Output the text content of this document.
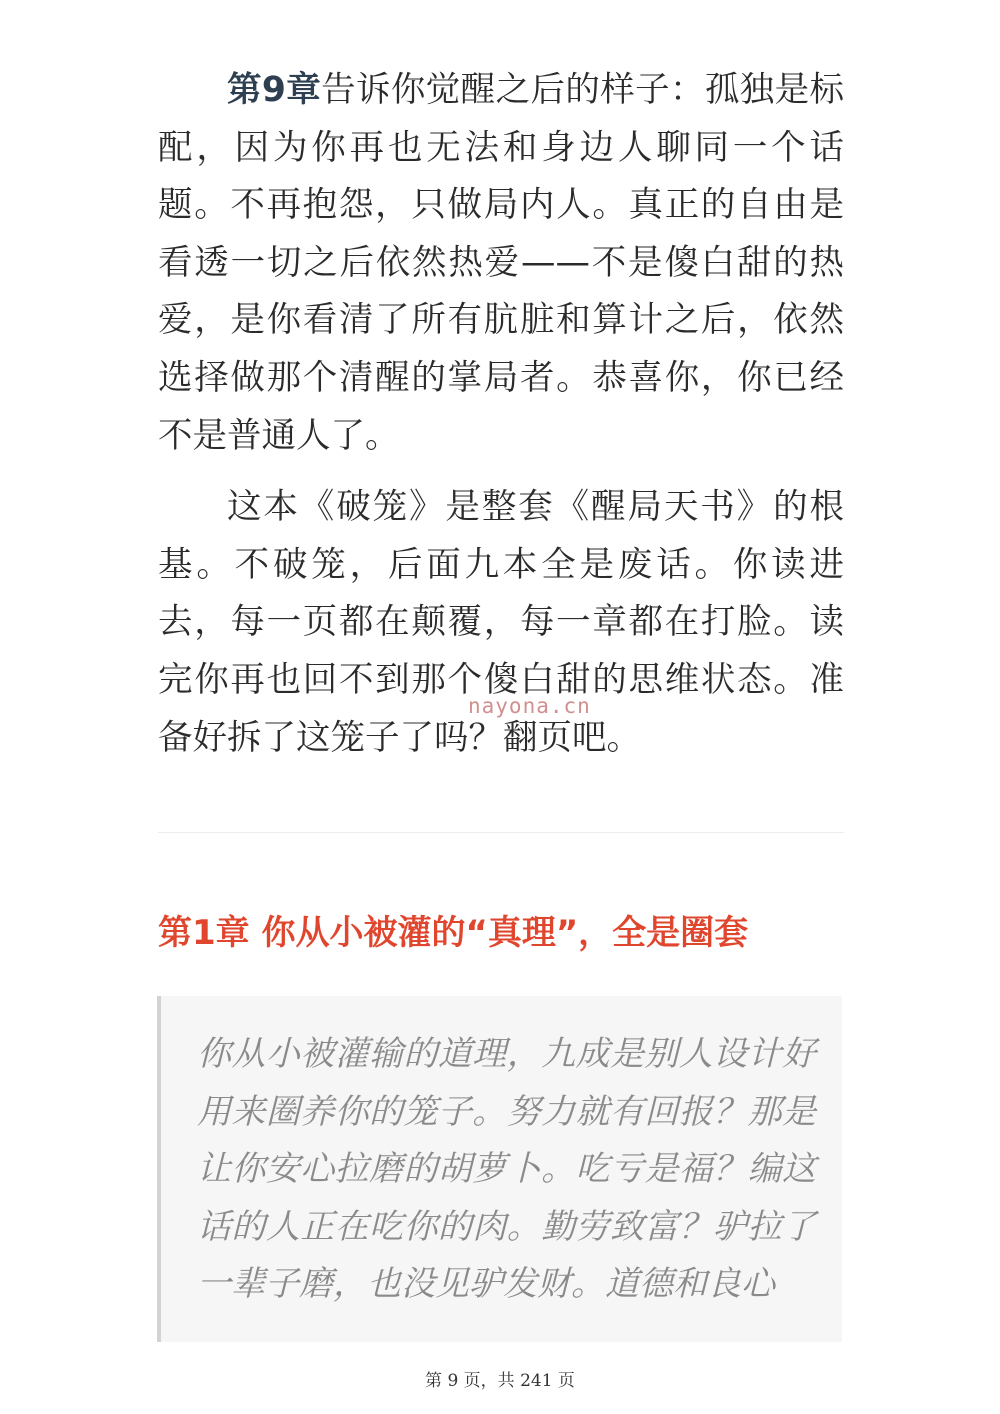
第9章告诉你觉醒之后的样子：孤独是标配，因为你再也无法和身边人聊同一个话题。不再抱怨，只做局内人。真正的自由是看透一切之后依然热爱——不是傻白甜的热爱，是你看清了所有肮脏和算计之后，依然选择做那个清醒的掌局者。恭喜你，你已经不是普通人了。

这本《破笼》是整套《醒局天书》的根基。不破笼，后面九本全是废话。你读进去，每一页都在颠覆，每一章都在打脸。读完你再也回不到那个傻白甜的思维状态。准备好拆了这笼子了吗？翻页吧。

nayona.cn
第1章 你从小被灌的“真理”，全是圈套

你从小被灌输的道理，九成是别人设计好用来圈养你的笼子。努力就有回报？那是让你安心拉磨的胡萝卜。吃亏是福？编这话的人正在吃你的肉。勤劳致富？驴拉了一辈子磨，也没见驴发财。道德和良心

第 9 页，共 241 页
